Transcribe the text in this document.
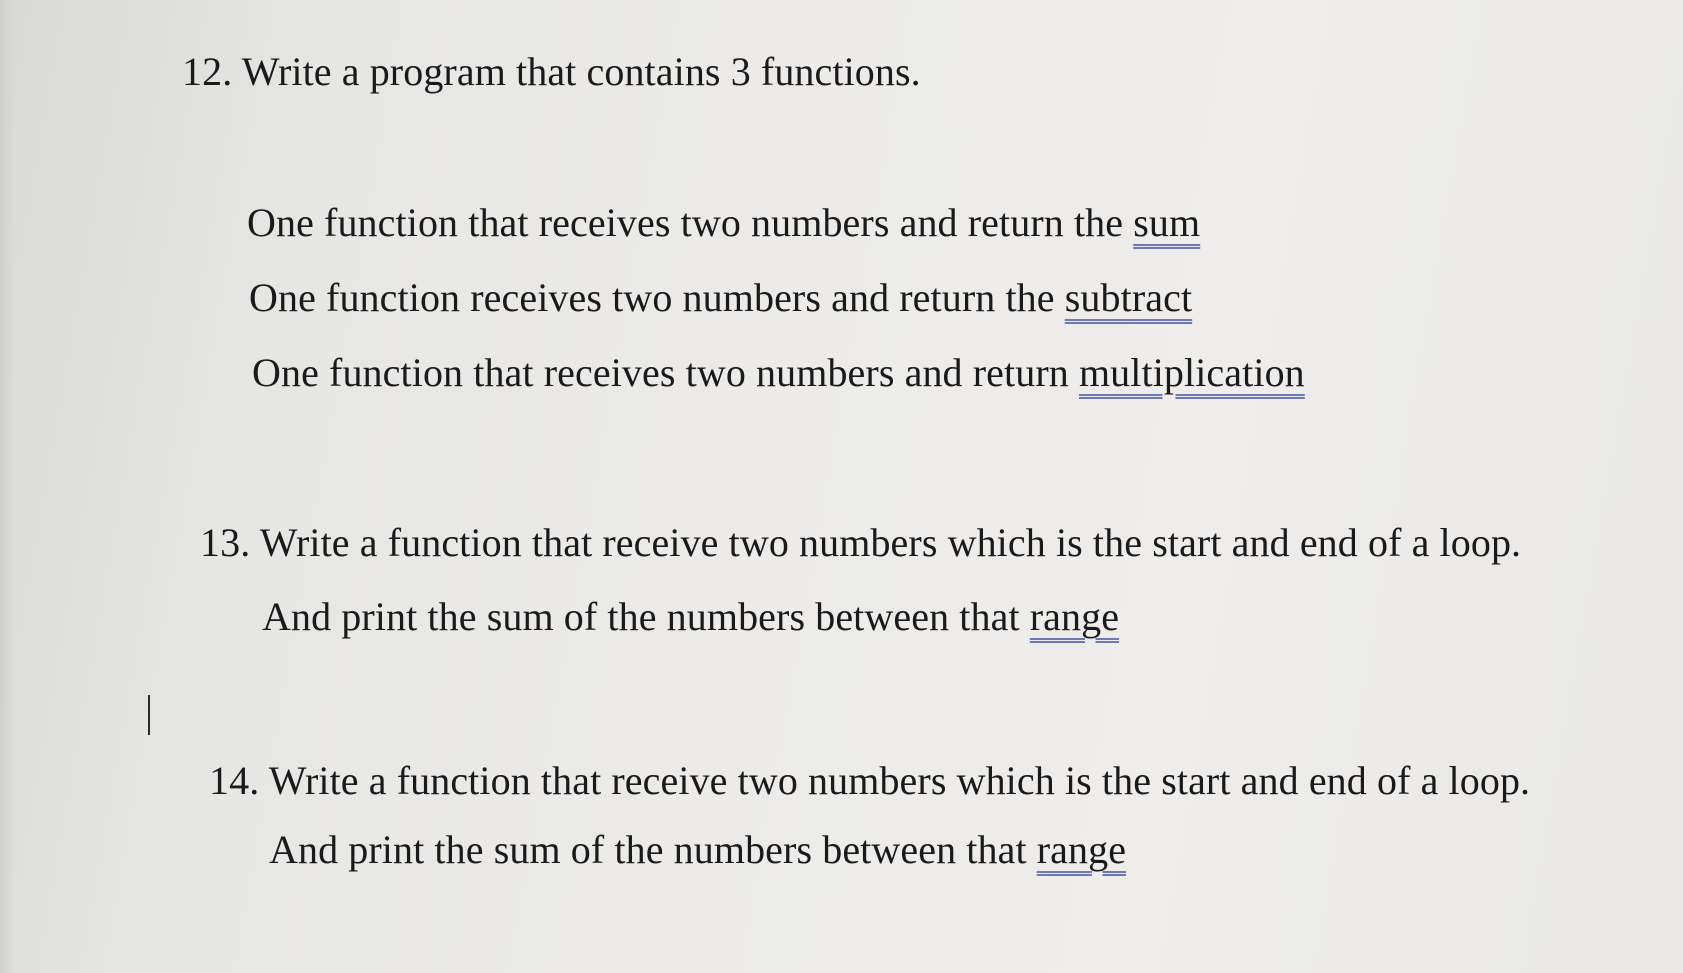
12. Write a program that contains 3 functions.
One function that receives two numbers and return the sum
One function receives two numbers and return the subtract
One function that receives two numbers and return multiplication
13. Write a function that receive two numbers which is the start and end of a loop.
And print the sum of the numbers between that range
14. Write a function that receive two numbers which is the start and end of a loop.
And print the sum of the numbers between that range
